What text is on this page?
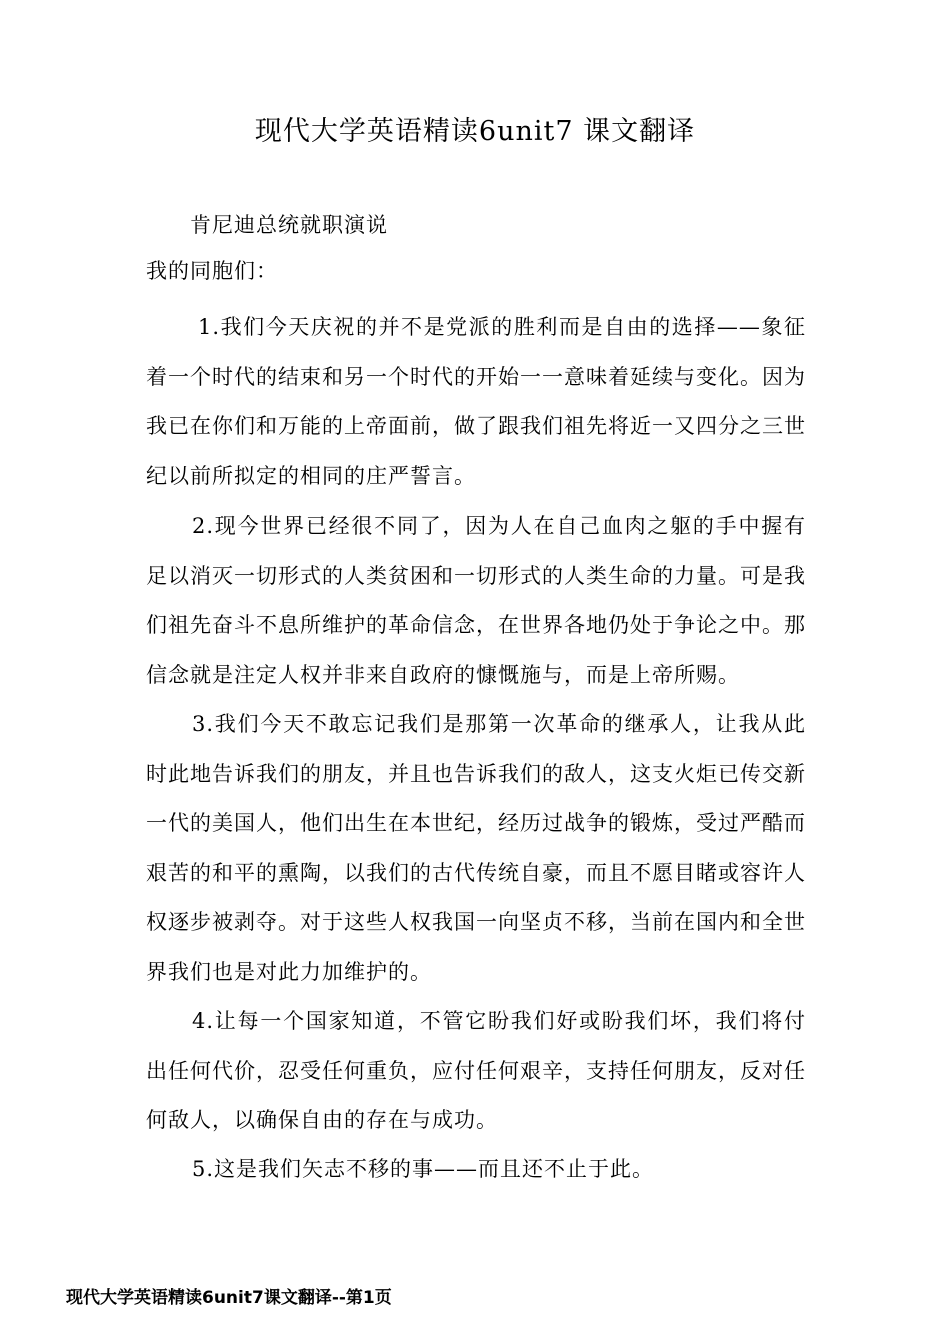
现代大学英语精读6unit7 课文翻译
肯尼迪总统就职演说
我的同胞们：

1.我们今天庆祝的并不是党派的胜利而是自由的选择——象征着一个时代的结束和另一个时代的开始一一意味着延续与变化。因为我已在你们和万能的上帝面前，做了跟我们祖先将近一又四分之三世纪以前所拟定的相同的庄严誓言。

2.现今世界已经很不同了，因为人在自己血肉之躯的手中握有足以消灭一切形式的人类贫困和一切形式的人类生命的力量。可是我们祖先奋斗不息所维护的革命信念，在世界各地仍处于争论之中。那信念就是注定人权并非来自政府的慷慨施与，而是上帝所赐。

3.我们今天不敢忘记我们是那第一次革命的继承人，让我从此时此地告诉我们的朋友，并且也告诉我们的敌人，这支火炬已传交新一代的美国人，他们出生在本世纪，经历过战争的锻炼，受过严酷而艰苦的和平的熏陶，以我们的古代传统自豪，而且不愿目睹或容许人权逐步被剥夺。对于这些人权我国一向坚贞不移，当前在国内和全世界我们也是对此力加维护的。

4.让每一个国家知道，不管它盼我们好或盼我们坏，我们将付出任何代价，忍受任何重负，应付任何艰辛，支持任何朋友，反对任何敌人，以确保自由的存在与成功。

5.这是我们矢志不移的事——而且还不止于此。

现代大学英语精读6unit7课文翻译--第1页
